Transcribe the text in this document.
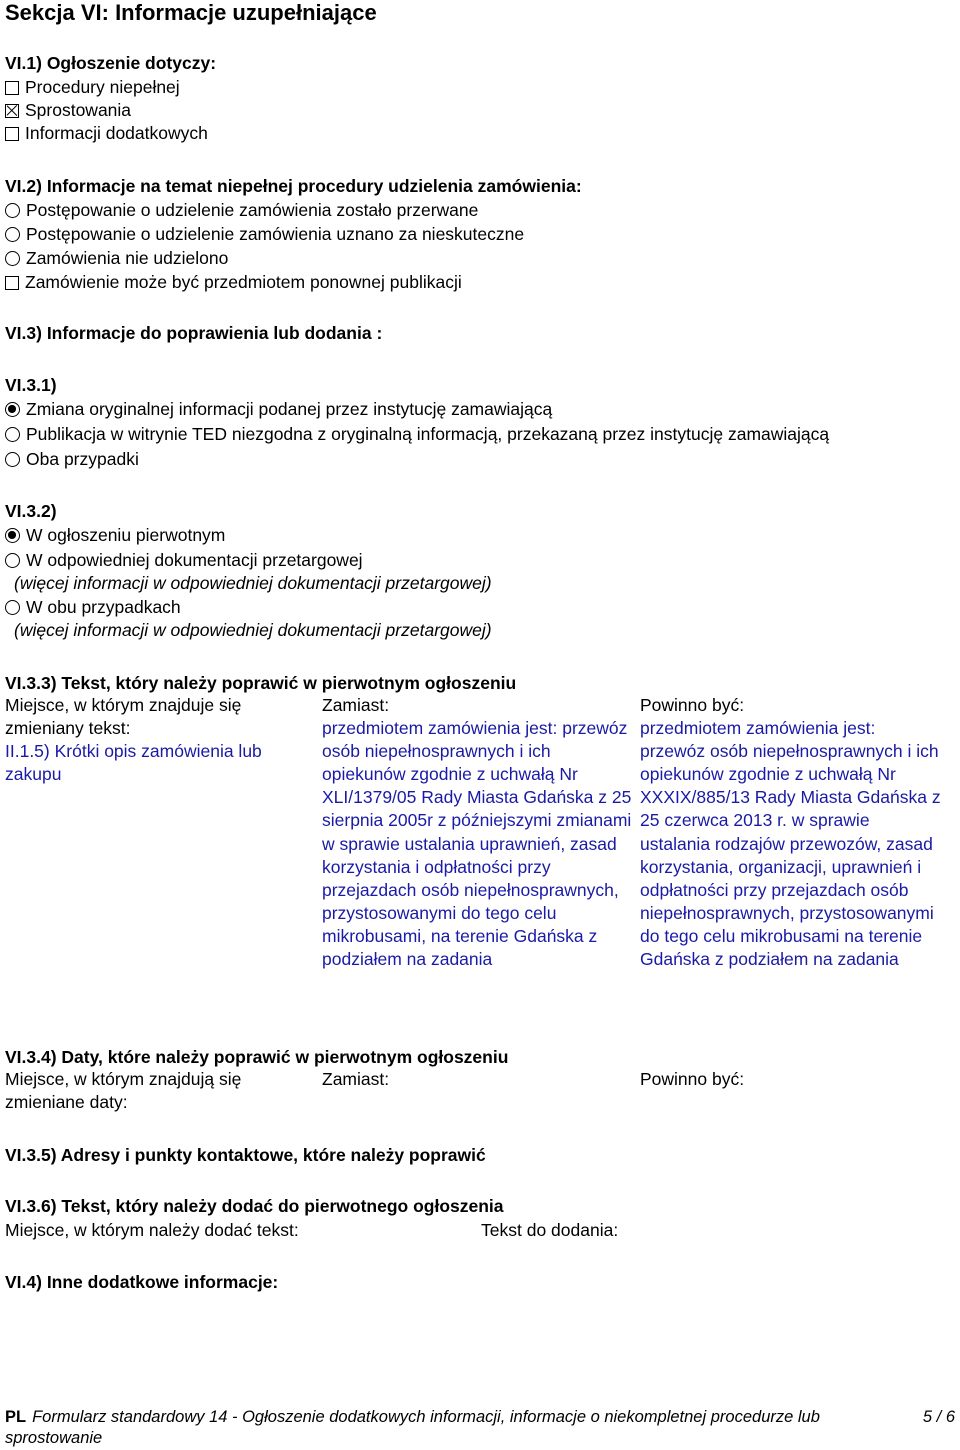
Sekcja VI: Informacje uzupełniające
VI.1) Ogłoszenie dotyczy:
Procedury niepełnej
Sprostowania
Informacji dodatkowych
VI.2) Informacje na temat niepełnej procedury udzielenia zamówienia:
Postępowanie o udzielenie zamówienia zostało przerwane
Postępowanie o udzielenie zamówienia uznano za nieskuteczne
Zamówienia nie udzielono
Zamówienie może być przedmiotem ponownej publikacji
VI.3) Informacje do poprawienia lub dodania :
VI.3.1)
Zmiana oryginalnej informacji podanej przez instytucję zamawiającą
Publikacja w witrynie TED niezgodna z oryginalną informacją, przekazaną przez instytucję zamawiającą
Oba przypadki
VI.3.2)
W ogłoszeniu pierwotnym
W odpowiedniej dokumentacji przetargowej
(więcej informacji w odpowiedniej dokumentacji przetargowej)
W obu przypadkach
(więcej informacji w odpowiedniej dokumentacji przetargowej)
VI.3.3) Tekst, który należy poprawić w pierwotnym ogłoszeniu
Miejsce, w którym znajduje się zmieniany tekst:
II.1.5) Krótki opis zamówienia lub zakupu
Zamiast:
przedmiotem zamówienia jest: przewóz osób niepełnosprawnych i ich opiekunów zgodnie z uchwałą Nr XLI/1379/05 Rady Miasta Gdańska z 25 sierpnia 2005r z późniejszymi zmianami w sprawie ustalania uprawnień, zasad korzystania i odpłatności przy przejazdach osób niepełnosprawnych, przystosowanymi do tego celu mikrobusami, na terenie Gdańska z podziałem na zadania
Powinno być:
przedmiotem zamówienia jest: przewóz osób niepełnosprawnych i ich opiekunów zgodnie z uchwałą Nr XXXIX/885/13 Rady Miasta Gdańska z 25 czerwca 2013 r. w sprawie ustalania rodzajów przewozów, zasad korzystania, organizacji, uprawnień i odpłatności przy przejazdach osób niepełnosprawnych, przystosowanymi do tego celu mikrobusami na terenie Gdańska z podziałem na zadania
VI.3.4) Daty, które należy poprawić w pierwotnym ogłoszeniu
Miejsce, w którym znajdują się zmieniane daty:
Zamiast:	Powinno być:
VI.3.5) Adresy i punkty kontaktowe, które należy poprawić
VI.3.6) Tekst, który należy dodać do pierwotnego ogłoszenia
Miejsce, w którym należy dodać tekst:	Tekst do dodania:
VI.4) Inne dodatkowe informacje:
PL Formularz standardowy 14 - Ogłoszenie dodatkowych informacji, informacje o niekompletnej procedurze lub sprostowanie
5 / 6
